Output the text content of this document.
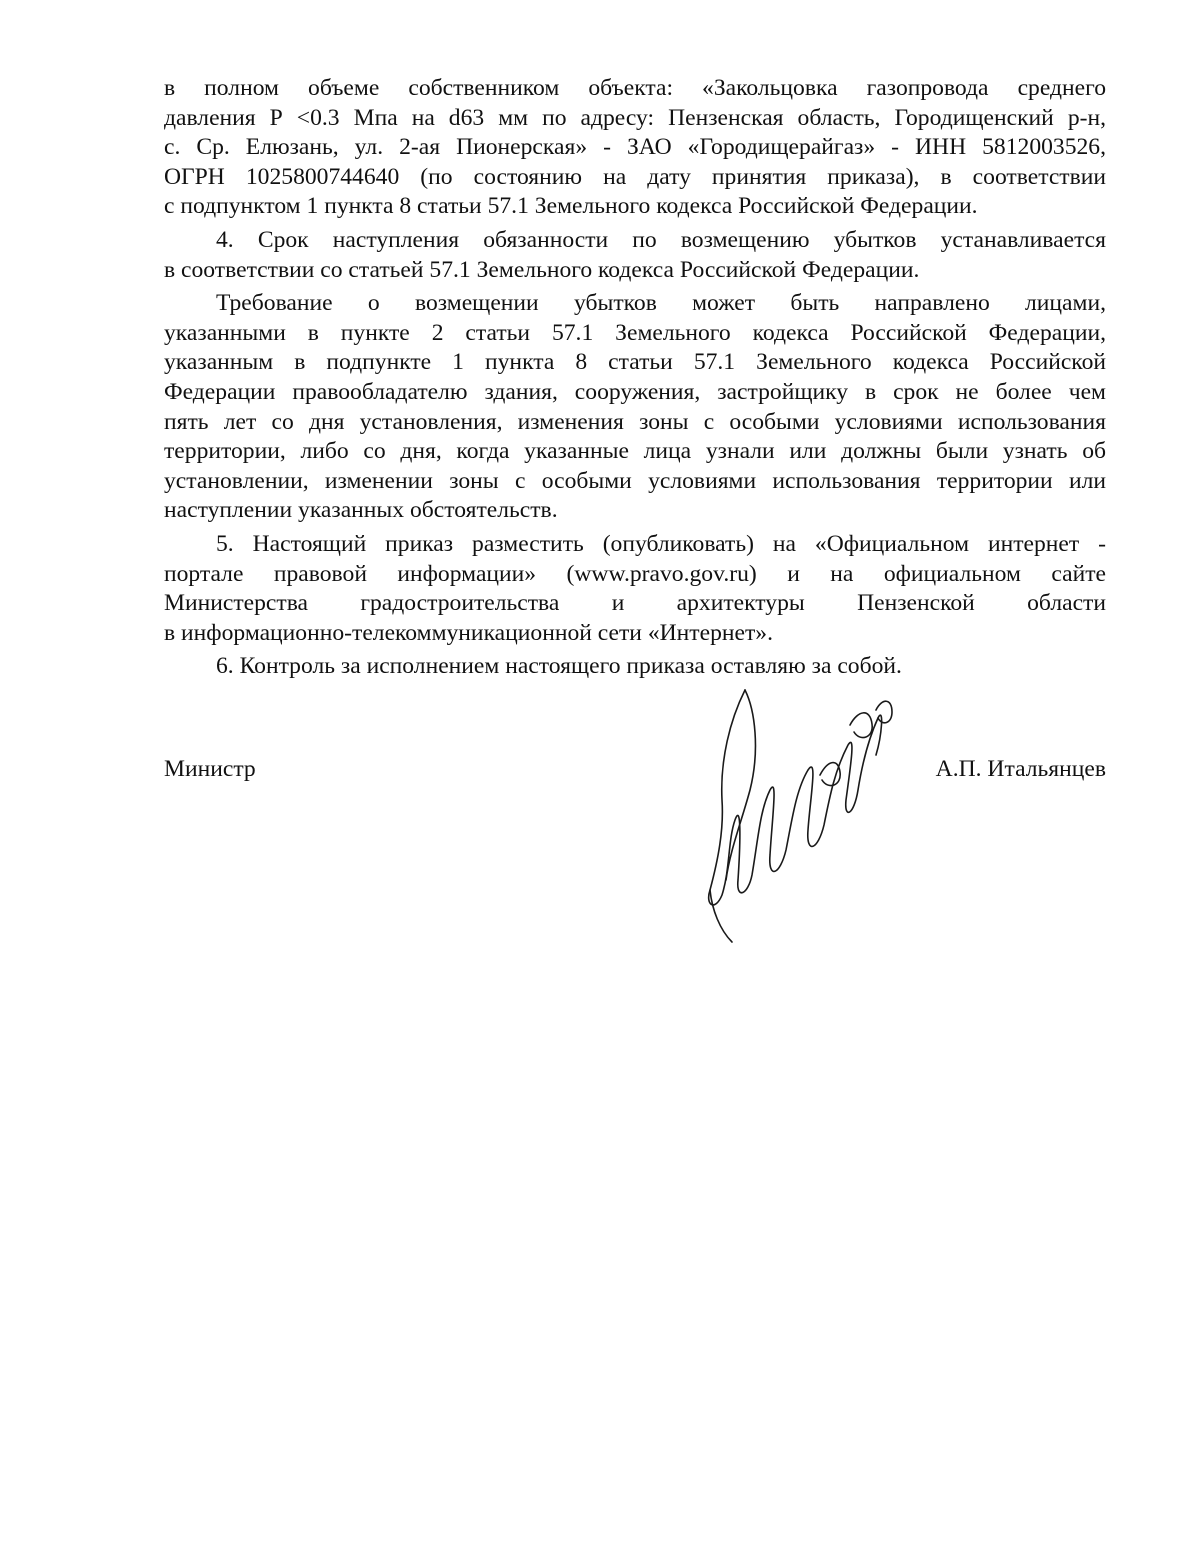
в полном объеме собственником объекта: «Закольцовка газопровода среднего
давления Р <0.3 Мпа на d63 мм по адресу: Пензенская область, Городищенский р-н,
с. Ср. Елюзань, ул. 2-ая Пионерская» - ЗАО «Городищерайгаз» - ИНН 5812003526,
ОГРН 1025800744640 (по состоянию на дату принятия приказа), в соответствии
с подпунктом 1 пункта 8 статьи 57.1 Земельного кодекса Российской Федерации.
4. Срок наступления обязанности по возмещению убытков устанавливается
в соответствии со статьей 57.1 Земельного кодекса Российской Федерации.
Требование о возмещении убытков может быть направлено лицами,
указанными в пункте 2 статьи 57.1 Земельного кодекса Российской Федерации,
указанным в подпункте 1 пункта 8 статьи 57.1 Земельного кодекса Российской
Федерации правообладателю здания, сооружения, застройщику в срок не более чем
пять лет со дня установления, изменения зоны с особыми условиями использования
территории, либо со дня, когда указанные лица узнали или должны были узнать об
установлении, изменении зоны с особыми условиями использования территории или
наступлении указанных обстоятельств.
5. Настоящий приказ разместить (опубликовать) на «Официальном интернет -
портале правовой информации» (www.pravo.gov.ru) и на официальном сайте
Министерства градостроительства и архитектуры Пензенской области
в информационно-телекоммуникационной сети «Интернет».
6. Контроль за исполнением настоящего приказа оставляю за собой.
Министр	А.П. Итальянцев
